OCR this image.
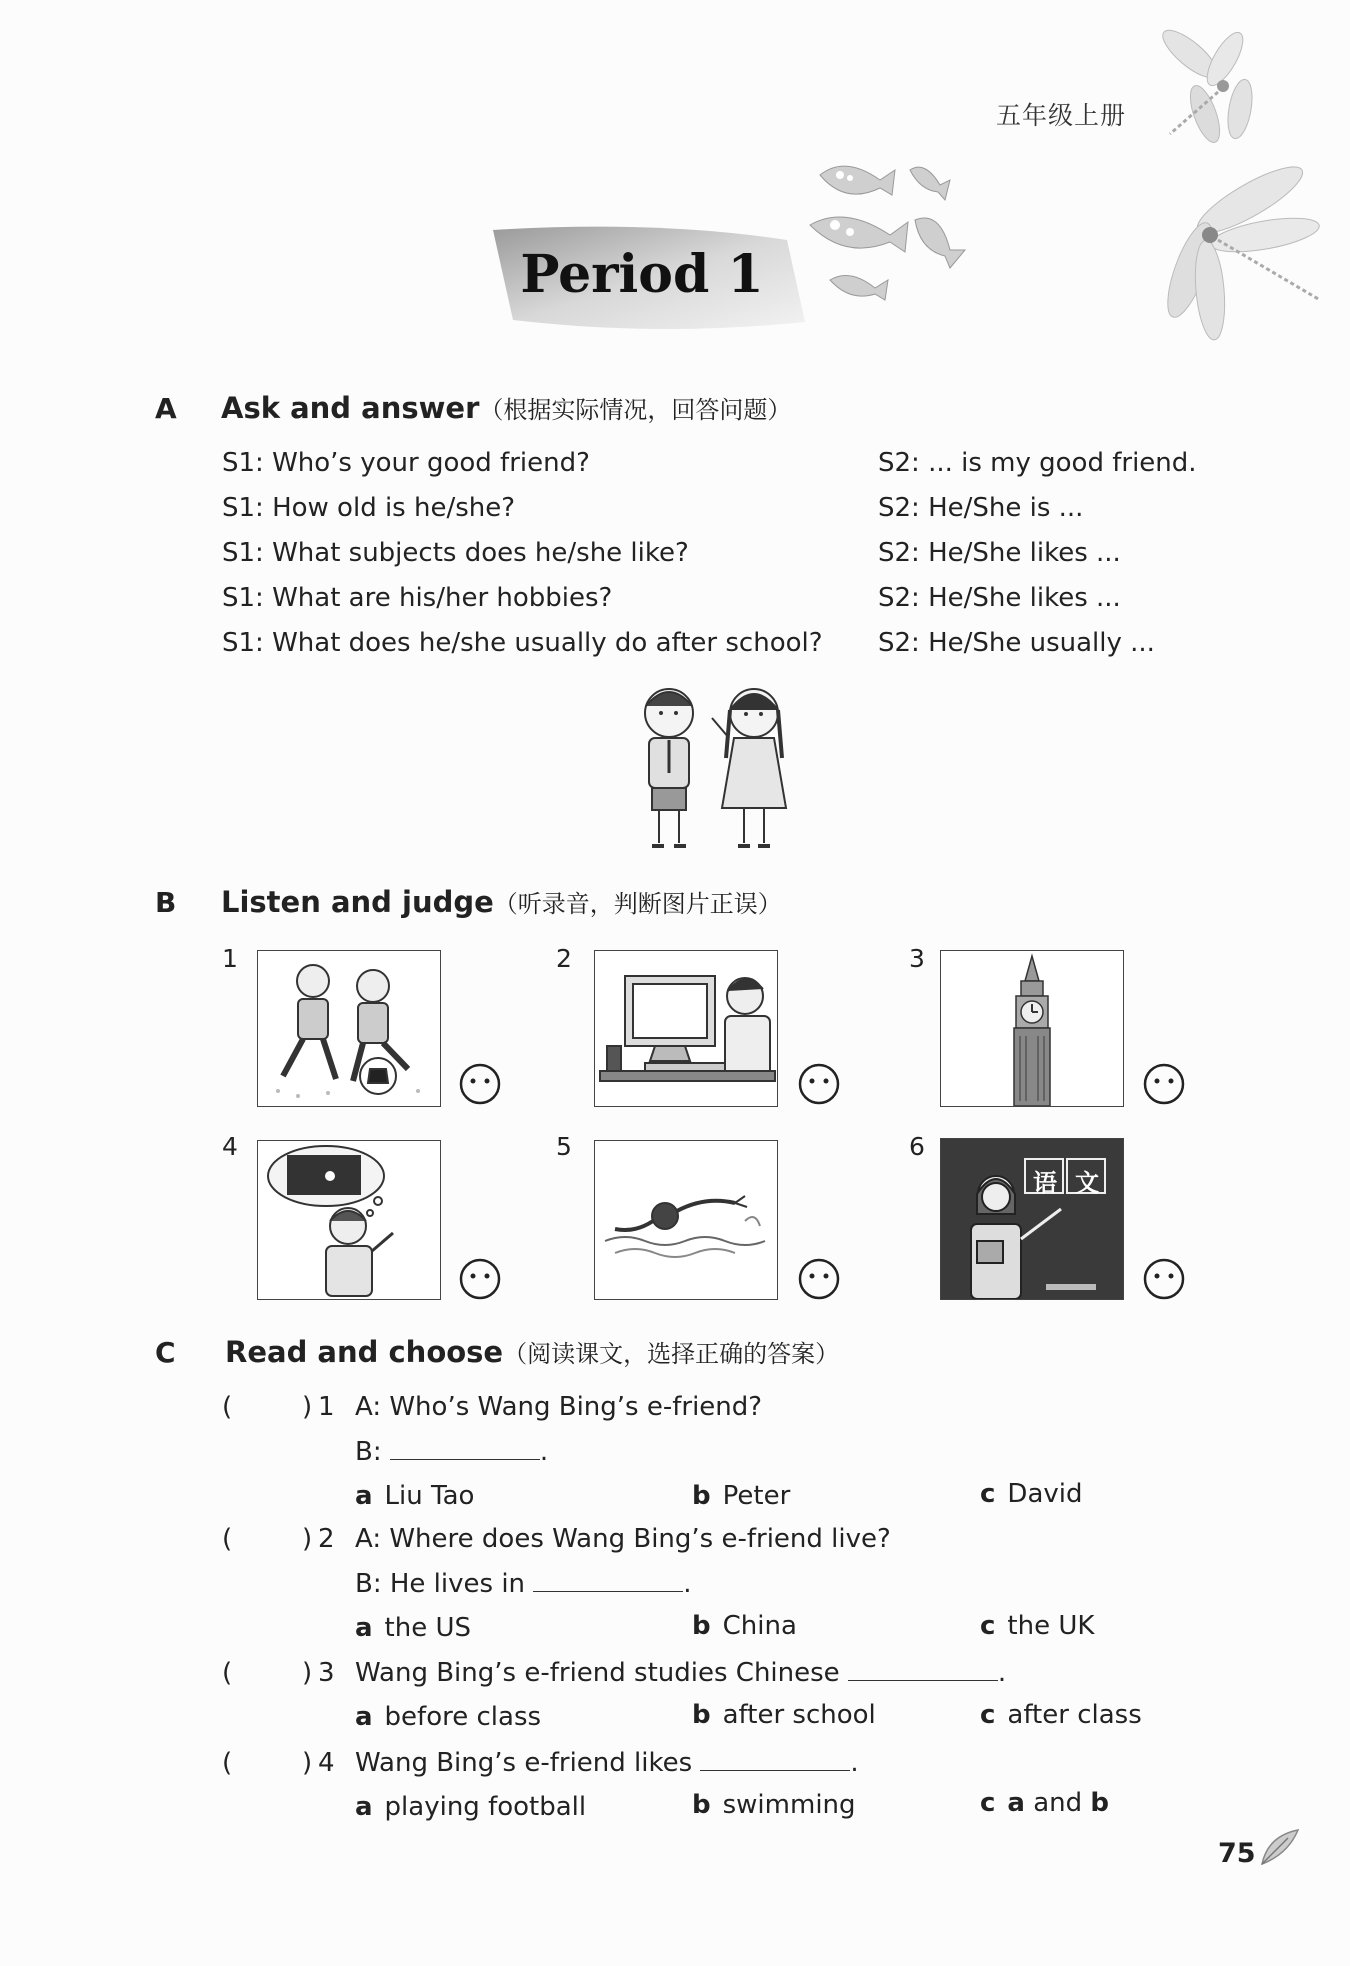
五年级上册
Period 1
A Ask and answer（根据实际情况，回答问题）
S1: Who’s your good friend?	S2: ... is my good friend.
S1: How old is he/she?	S2: He/She is ...
S1: What subjects does he/she like?	S2: He/She likes ...
S1: What are his/her hobbies?	S2: He/She likes ...
S1: What does he/she usually do after school? S2: He/She usually ...
B Listen and judge（听录音，判断图片正误）
1	2	3
4	5	6
语 文
C Read and choose（阅读课文，选择正确的答案）
(	) 1 A: Who’s Wang Bing’s e-friend?
B:	.
a Liu Tao	b Peter	c David
(	) 2 A: Where does Wang Bing’s e-friend live?
B: He lives in	.
a the US	b China	c the UK
(	) 3 Wang Bing’s e-friend studies Chinese	.
a before class	b after school	c after class
(	) 4 Wang Bing’s e-friend likes	.
a playing football	b swimming	c a and b
75
